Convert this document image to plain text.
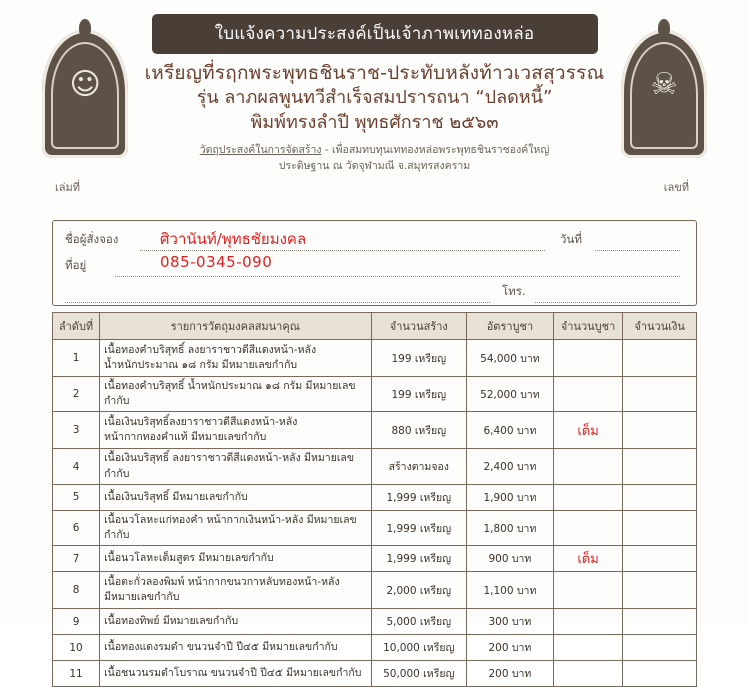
☺	☠
ใบแจ้งความประสงค์เป็นเจ้าภาพเททองหล่อ
เหรียญที่รฤกพระพุทธชินราช-ประทับหลังท้าวเวสสุวรรณ
รุ่น ลาภผลพูนทวีสำเร็จสมปรารถนา “ปลดหนี้”
พิมพ์ทรงลำปี พุทธศักราช ๒๕๖๓
วัตถุประสงค์ในการจัดสร้าง - เพื่อสมทบทุนเททองหล่อพระพุทธชินราชองค์ใหญ่
ประดิษฐาน ณ วัดจุฬามณี จ.สมุทรสงคราม
เล่มที่	เลขที่
ชื่อผู้สั่งจอง	วันที่
ศิวานันท์/พุทธชัยมงคล
ที่อยู่	085-0345-090
โทร.
ลำดับที่	รายการวัตถุมงคลสมนาคุณ	จำนวนสร้าง	อัตราบูชา	จำนวนบูชา	จำนวนเงิน
1	เนื้อทองคำบริสุทธิ์ ลงยาราชาวดีสีแดงหน้า-หลัง
น้ำหนักประมาณ ๑๘ กรัม มีหมายเลขกำกับ	199 เหรียญ	54,000 บาท		
2	เนื้อทองคำบริสุทธิ์ น้ำหนักประมาณ ๑๘ กรัม มีหมายเลขกำกับ	199 เหรียญ	52,000 บาท		
3	เนื้อเงินบริสุทธิ์ลงยาราชาวดีสีแดงหน้า-หลัง
หน้ากากทองคำแท้ มีหมายเลขกำกับ	880 เหรียญ	6,400 บาท	เต็ม	
4	เนื้อเงินบริสุทธิ์ ลงยาราชาวดีสีแดงหน้า-หลัง มีหมายเลขกำกับ	สร้างตามจอง	2,400 บาท		
5	เนื้อเงินบริสุทธิ์ มีหมายเลขกำกับ	1,999 เหรียญ	1,900 บาท		
6	เนื้อนวโลหะแก่ทองคำ หน้ากากเงินหน้า-หลัง มีหมายเลขกำกับ	1,999 เหรียญ	1,800 บาท		
7	เนื้อนวโลหะเต็มสูตร มีหมายเลขกำกับ	1,999 เหรียญ	900 บาท	เต็ม	
8	เนื้อตะกั่วลองพิมพ์ หน้ากากขนวกาหลับทองหน้า-หลัง
มีหมายเลขกำกับ	2,000 เหรียญ	1,100 บาท		
9	เนื้อทองทิพย์ มีหมายเลขกำกับ	5,000 เหรียญ	300 บาท		
10	เนื้อทองแดงรมดำ ขนวนจำปี ปี๔๕ มีหมายเลขกำกับ	10,000 เหรียญ	200 บาท		
11	เนื้อชนวนรมดำโบราณ ขนวนจำปี ปี๔๕ มีหมายเลขกำกับ	50,000 เหรียญ	200 บาท		
